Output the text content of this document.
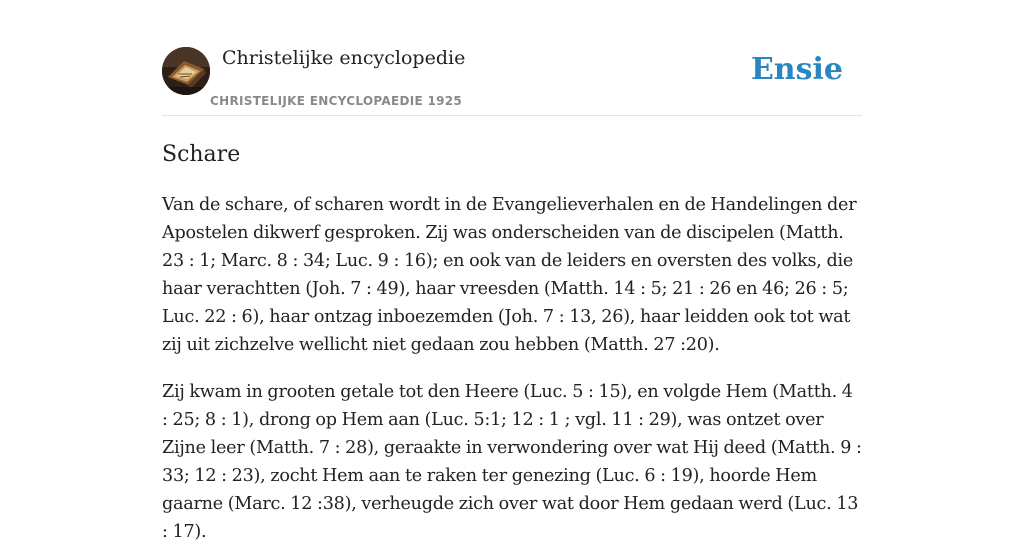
Christelijke encyclopedie
CHRISTELIJKE ENCYCLOPAEDIE 1925
Ensie
Schare

Van de schare, of scharen wordt in de Evangelieverhalen en de Handelingen der Apostelen dikwerf gesproken. Zij was onderscheiden van de discipelen (Matth. 23 : 1; Marc. 8 : 34; Luc. 9 : 16); en ook van de leiders en oversten des volks, die haar verachtten (Joh. 7 : 49), haar vreesden (Matth. 14 : 5; 21 : 26 en 46; 26 : 5; Luc. 22 : 6), haar ontzag inboezemden (Joh. 7 : 13, 26), haar leidden ook tot wat zij uit zichzelve wellicht niet gedaan zou hebben (Matth. 27 :20).

Zij kwam in grooten getale tot den Heere (Luc. 5 : 15), en volgde Hem (Matth. 4 : 25; 8 : 1), drong op Hem aan (Luc. 5:1; 12 : 1 ; vgl. 11 : 29), was ontzet over Zijne leer (Matth. 7 : 28), geraakte in verwondering over wat Hij deed (Matth. 9 : 33; 12 : 23), zocht Hem aan te raken ter genezing (Luc. 6 : 19), hoorde Hem gaarne (Marc. 12 :38), verheugde zich over wat door Hem gedaan werd (Luc. 13 : 17).
